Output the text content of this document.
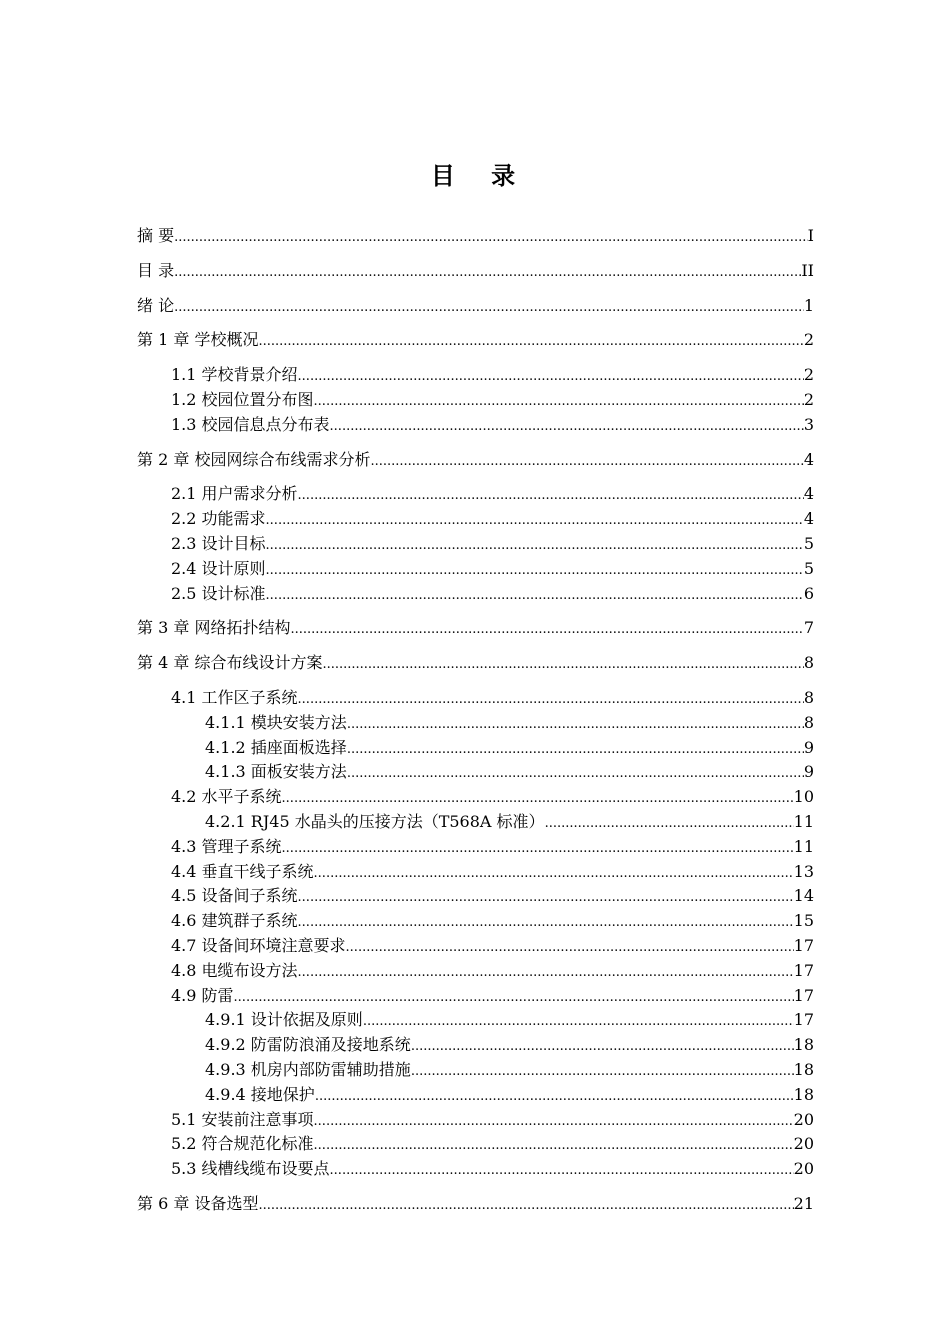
目 录
摘 要 .....	I
目 录 .....	II
绪 论 .....	1
第 1 章 学校概况 .....	2
1.1 学校背景介绍 .....	2
1.2 校园位置分布图 .....	2
1.3 校园信息点分布表 .....	3
第 2 章 校园网综合布线需求分析 .....	4
2.1 用户需求分析 .....	4
2.2 功能需求 .....	4
2.3 设计目标 .....	5
2.4 设计原则 .....	5
2.5 设计标准 .....	6
第 3 章 网络拓扑结构 .....	7
第 4 章 综合布线设计方案 .....	8
4.1 工作区子系统 .....	8
4.1.1 模块安装方法 .....	8
4.1.2 插座面板选择 .....	9
4.1.3 面板安装方法 .....	9
4.2 水平子系统 .....	10
4.2.1 RJ45 水晶头的压接方法（T568A 标准） .....	11
4.3 管理子系统 .....	11
4.4 垂直干线子系统 .....	13
4.5 设备间子系统 .....	14
4.6 建筑群子系统 .....	15
4.7 设备间环境注意要求 .....	17
4.8 电缆布设方法 .....	17
4.9 防雷 .....	17
4.9.1 设计依据及原则 .....	17
4.9.2 防雷防浪涌及接地系统 .....	18
4.9.3 机房内部防雷辅助措施 .....	18
4.9.4 接地保护 .....	18
5.1 安装前注意事项 .....	20
5.2 符合规范化标准 .....	20
5.3 线槽线缆布设要点 .....	20
第 6 章 设备选型 .....	21
